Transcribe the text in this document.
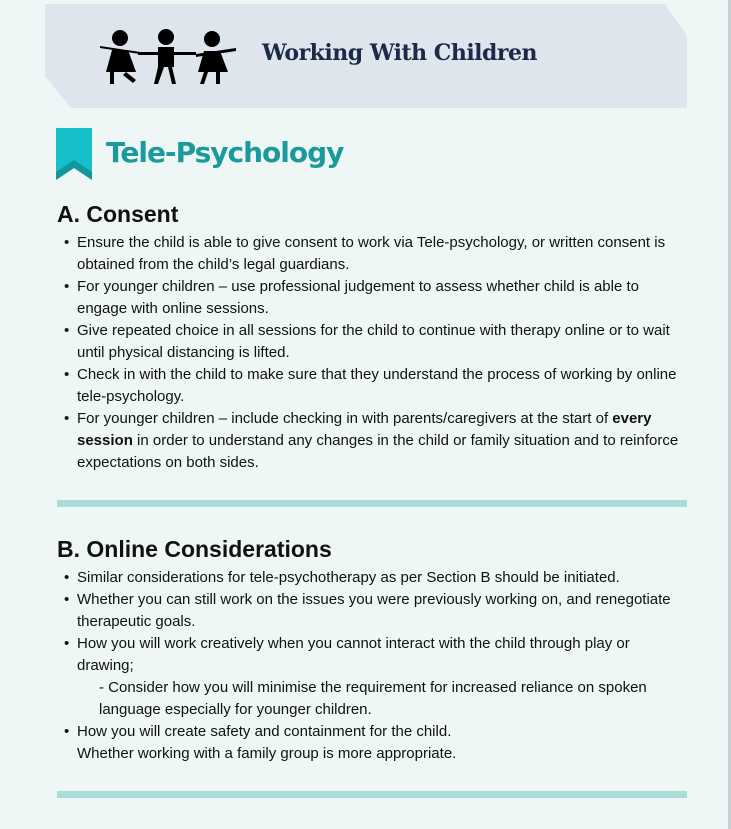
Working With Children
Tele-Psychology
A. Consent
• Ensure the child is able to give consent to work via Tele-psychology, or written consent is obtained from the child’s legal guardians.
• For younger children – use professional judgement to assess whether child is able to engage with online sessions.
• Give repeated choice in all sessions for the child to continue with therapy online or to wait until physical distancing is lifted.
• Check in with the child to make sure that they understand the process of working by online tele-psychology.
• For younger children – include checking in with parents/caregivers at the start of every session in order to understand any changes in the child or family situation and to reinforce expectations on both sides.
B. Online Considerations
• Similar considerations for tele-psychotherapy as per Section B should be initiated.
• Whether you can still work on the issues you were previously working on, and renegotiate therapeutic goals.
• How you will work creatively when you cannot interact with the child through play or drawing;
- Consider how you will minimise the requirement for increased reliance on spoken language especially for younger children.
• How you will create safety and containment for the child.
Whether working with a family group is more appropriate.
